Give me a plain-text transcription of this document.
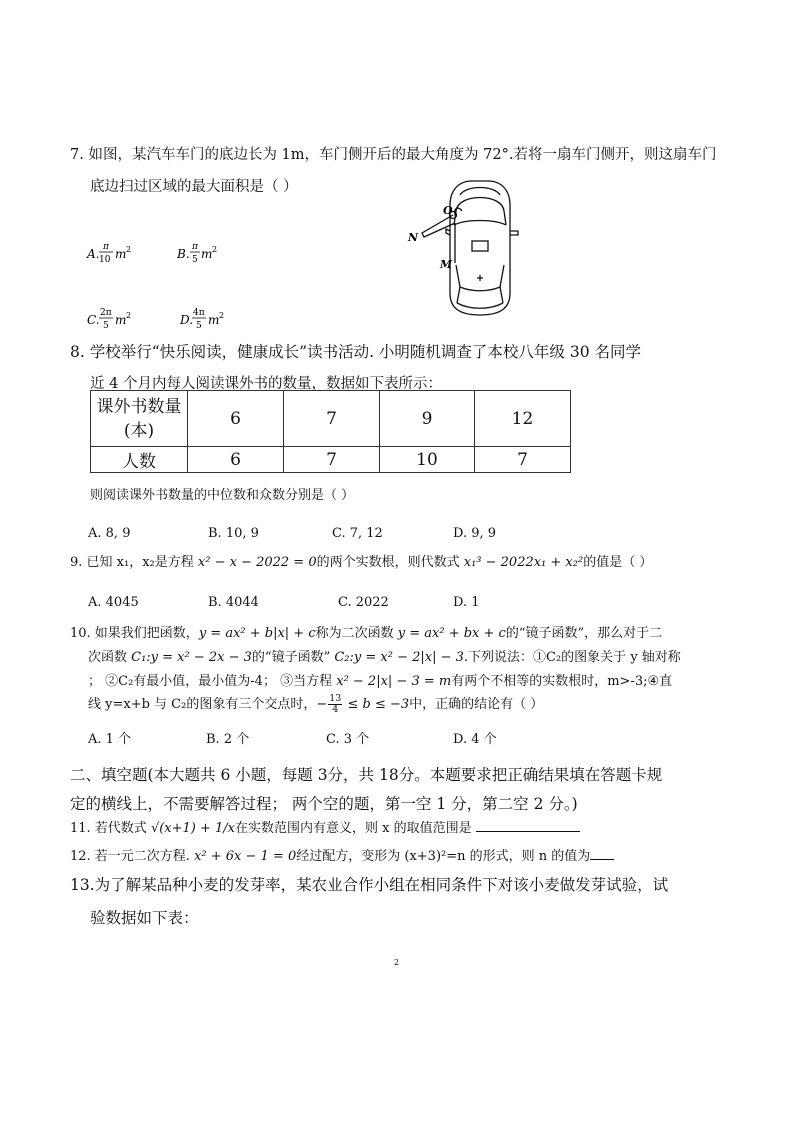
7. 如图，某汽车车门的底边长为 1m，车门侧开后的最大角度为 72°.若将一扇车门侧开，则这扇车门
底边扫过区域的最大面积是（ ）
A. π
10 m 2	B. π
5 m 2
C. 2π
5 m 2	D. 4π
5 m 2
O
N
M
8. 学校举行“快乐阅读，健康成长”读书活动. 小明随机调查了本校八年级 30 名同学
近 4 个月内每人阅读课外书的数量，数据如下表所示：
课外书数量
(本)	6	7	9	12
人数	6	7	10	7
则阅读课外书数量的中位数和众数分别是（ ）
A. 8, 9	B. 10, 9	C. 7, 12	D. 9, 9
9. 已知 x₁，x₂是方程 x² − x − 2022 = 0的两个实数根，则代数式 x₁³ − 2022x₁ + x₂²的值是（ ）
A. 4045	B. 4044	C. 2022	D. 1
10. 如果我们把函数，y = ax² + b|x| + c称为二次函数 y = ax² + bx + c的“镜子函数”，那么对于二
次函数 C₁:y = x² − 2x − 3的“镜子函数” C₂:y = x² − 2|x| − 3.下列说法：①C₂的图象关于 y 轴对称
； ②C₂有最小值，最小值为-4； ③当方程 x² − 2|x| − 3 = m有两个不相等的实数根时，m>-3;④直
线 y=x+b 与 C₂的图象有三个交点时，− $\frac{13}{4} \le b \le -3$中，正确的结论有（ ）
A. 1 个	B. 2 个	C. 3 个	D. 4 个
二、填空题(本大题共 6 小题，每题 3分，共 18分。本题要求把正确结果填在答题卡规
定的横线上，不需要解答过程； 两个空的题，第一空 1 分，第二空 2 分。)
11. 若代数式 √(x+1) + 1/x在实数范围内有意义，则 x 的取值范围是
12. 若一元二次方程. x² + 6x − 1 = 0经过配方，变形为 (x+3)²=n 的形式，则 n 的值为
13.为了解某品种小麦的发芽率，某农业合作小组在相同条件下对该小麦做发芽试验，试
验数据如下表：
2
